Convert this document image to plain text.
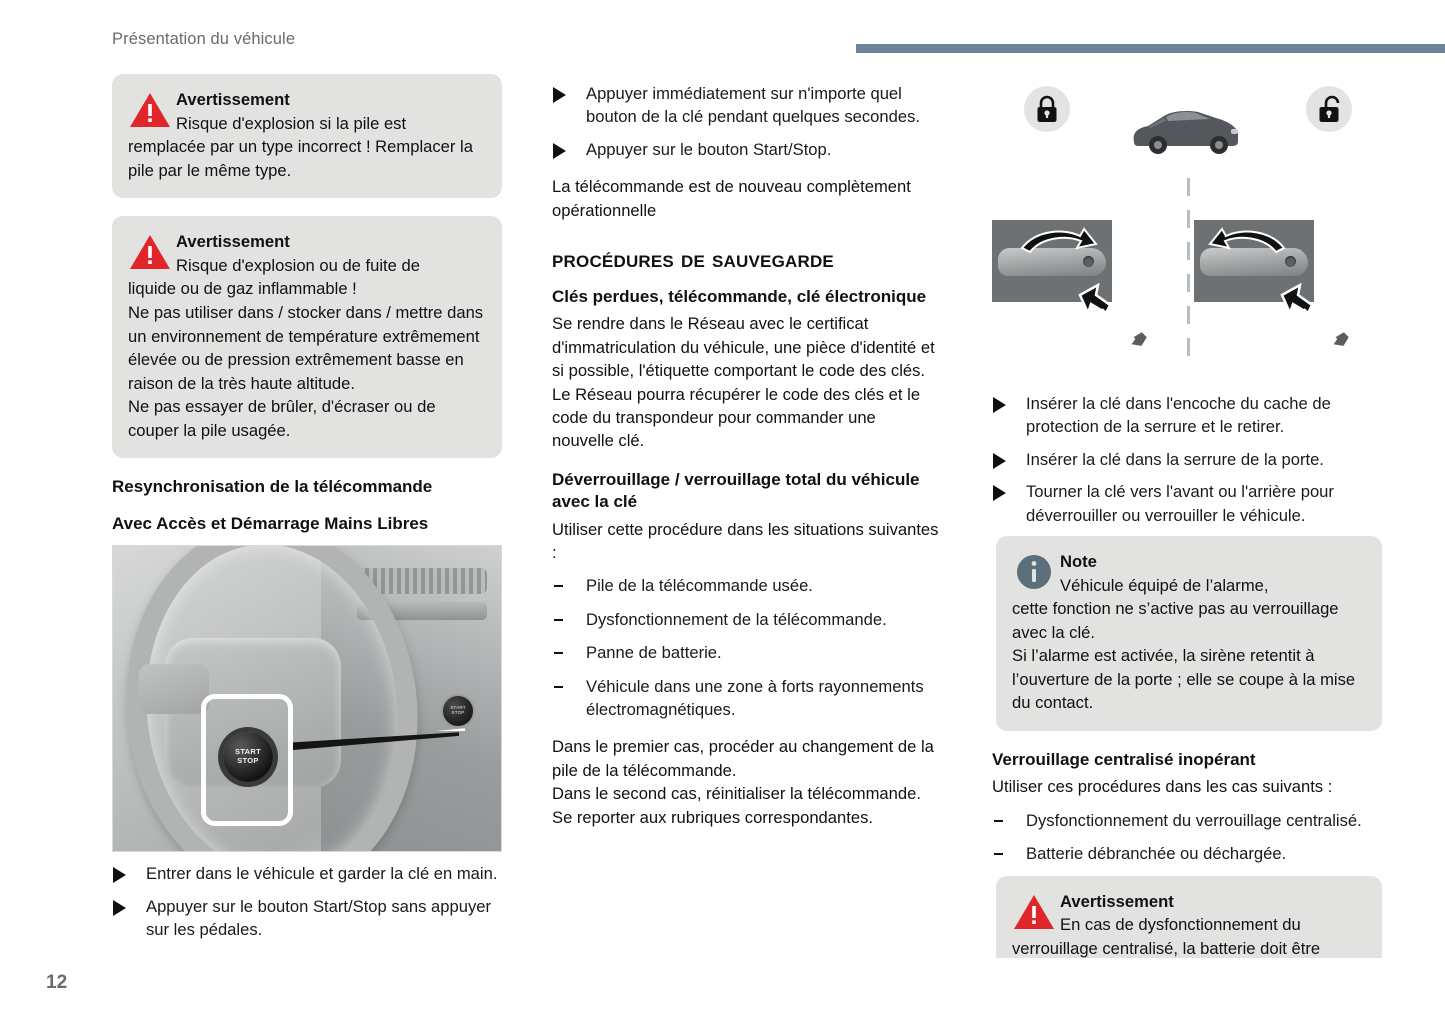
Présentation du véhicule
Avertissement
Risque d'explosion si la pile est
remplacée par un type incorrect ! Remplacer la pile par le même type.
Avertissement
Risque d'explosion ou de fuite de
liquide ou de gaz inflammable !
Ne pas utiliser dans / stocker dans / mettre dans un environnement de température extrêmement élevée ou de pression extrêmement basse en raison de la très haute altitude.
Ne pas essayer de brûler, d'écraser ou de couper la pile usagée.
Resynchronisation de la télécommande
Avec Accès et Démarrage Mains Libres
START
STOP
START
STOP
Entrer dans le véhicule et garder la clé en main.
Appuyer sur le bouton Start/Stop sans appuyer sur les pédales.
Appuyer immédiatement sur n'importe quel bouton de la clé pendant quelques secondes.
Appuyer sur le bouton Start/Stop.

La télécommande est de nouveau complètement opérationnelle

procédures de sauvegarde
Clés perdues, télécommande, clé électronique

Se rendre dans le Réseau avec le certificat d'immatriculation du véhicule, une pièce d'identité et si possible, l'étiquette comportant le code des clés.

Le Réseau pourra récupérer le code des clés et le code du transpondeur pour commander une nouvelle clé.

Déverrouillage / verrouillage total du véhicule avec la clé

Utiliser cette procédure dans les situations suivantes :

Pile de la télécommande usée.
Dysfonctionnement de la télécommande.
Panne de batterie.
Véhicule dans une zone à forts rayonnements électromagnétiques.

Dans le premier cas, procéder au changement de la pile de la télécommande.

Dans le second cas, réinitialiser la télécommande.

Se reporter aux rubriques correspondantes.

Insérer la clé dans l'encoche du cache de protection de la serrure et le retirer.
Insérer la clé dans la serrure de la porte.
Tourner la clé vers l'avant ou l'arrière pour déverrouiller ou verrouiller le véhicule.
Note
Véhicule équipé de l’alarme,
cette fonction ne s’active pas au verrouillage avec la clé.
Si l’alarme est activée, la sirène retentit à l’ouverture de la porte ; elle se coupe à la mise du contact.
Verrouillage centralisé inopérant

Utiliser ces procédures dans les cas suivants :

Dysfonctionnement du verrouillage centralisé.
Batterie débranchée ou déchargée.
Avertissement
En cas de dysfonctionnement du
verrouillage centralisé, la batterie doit être
12
